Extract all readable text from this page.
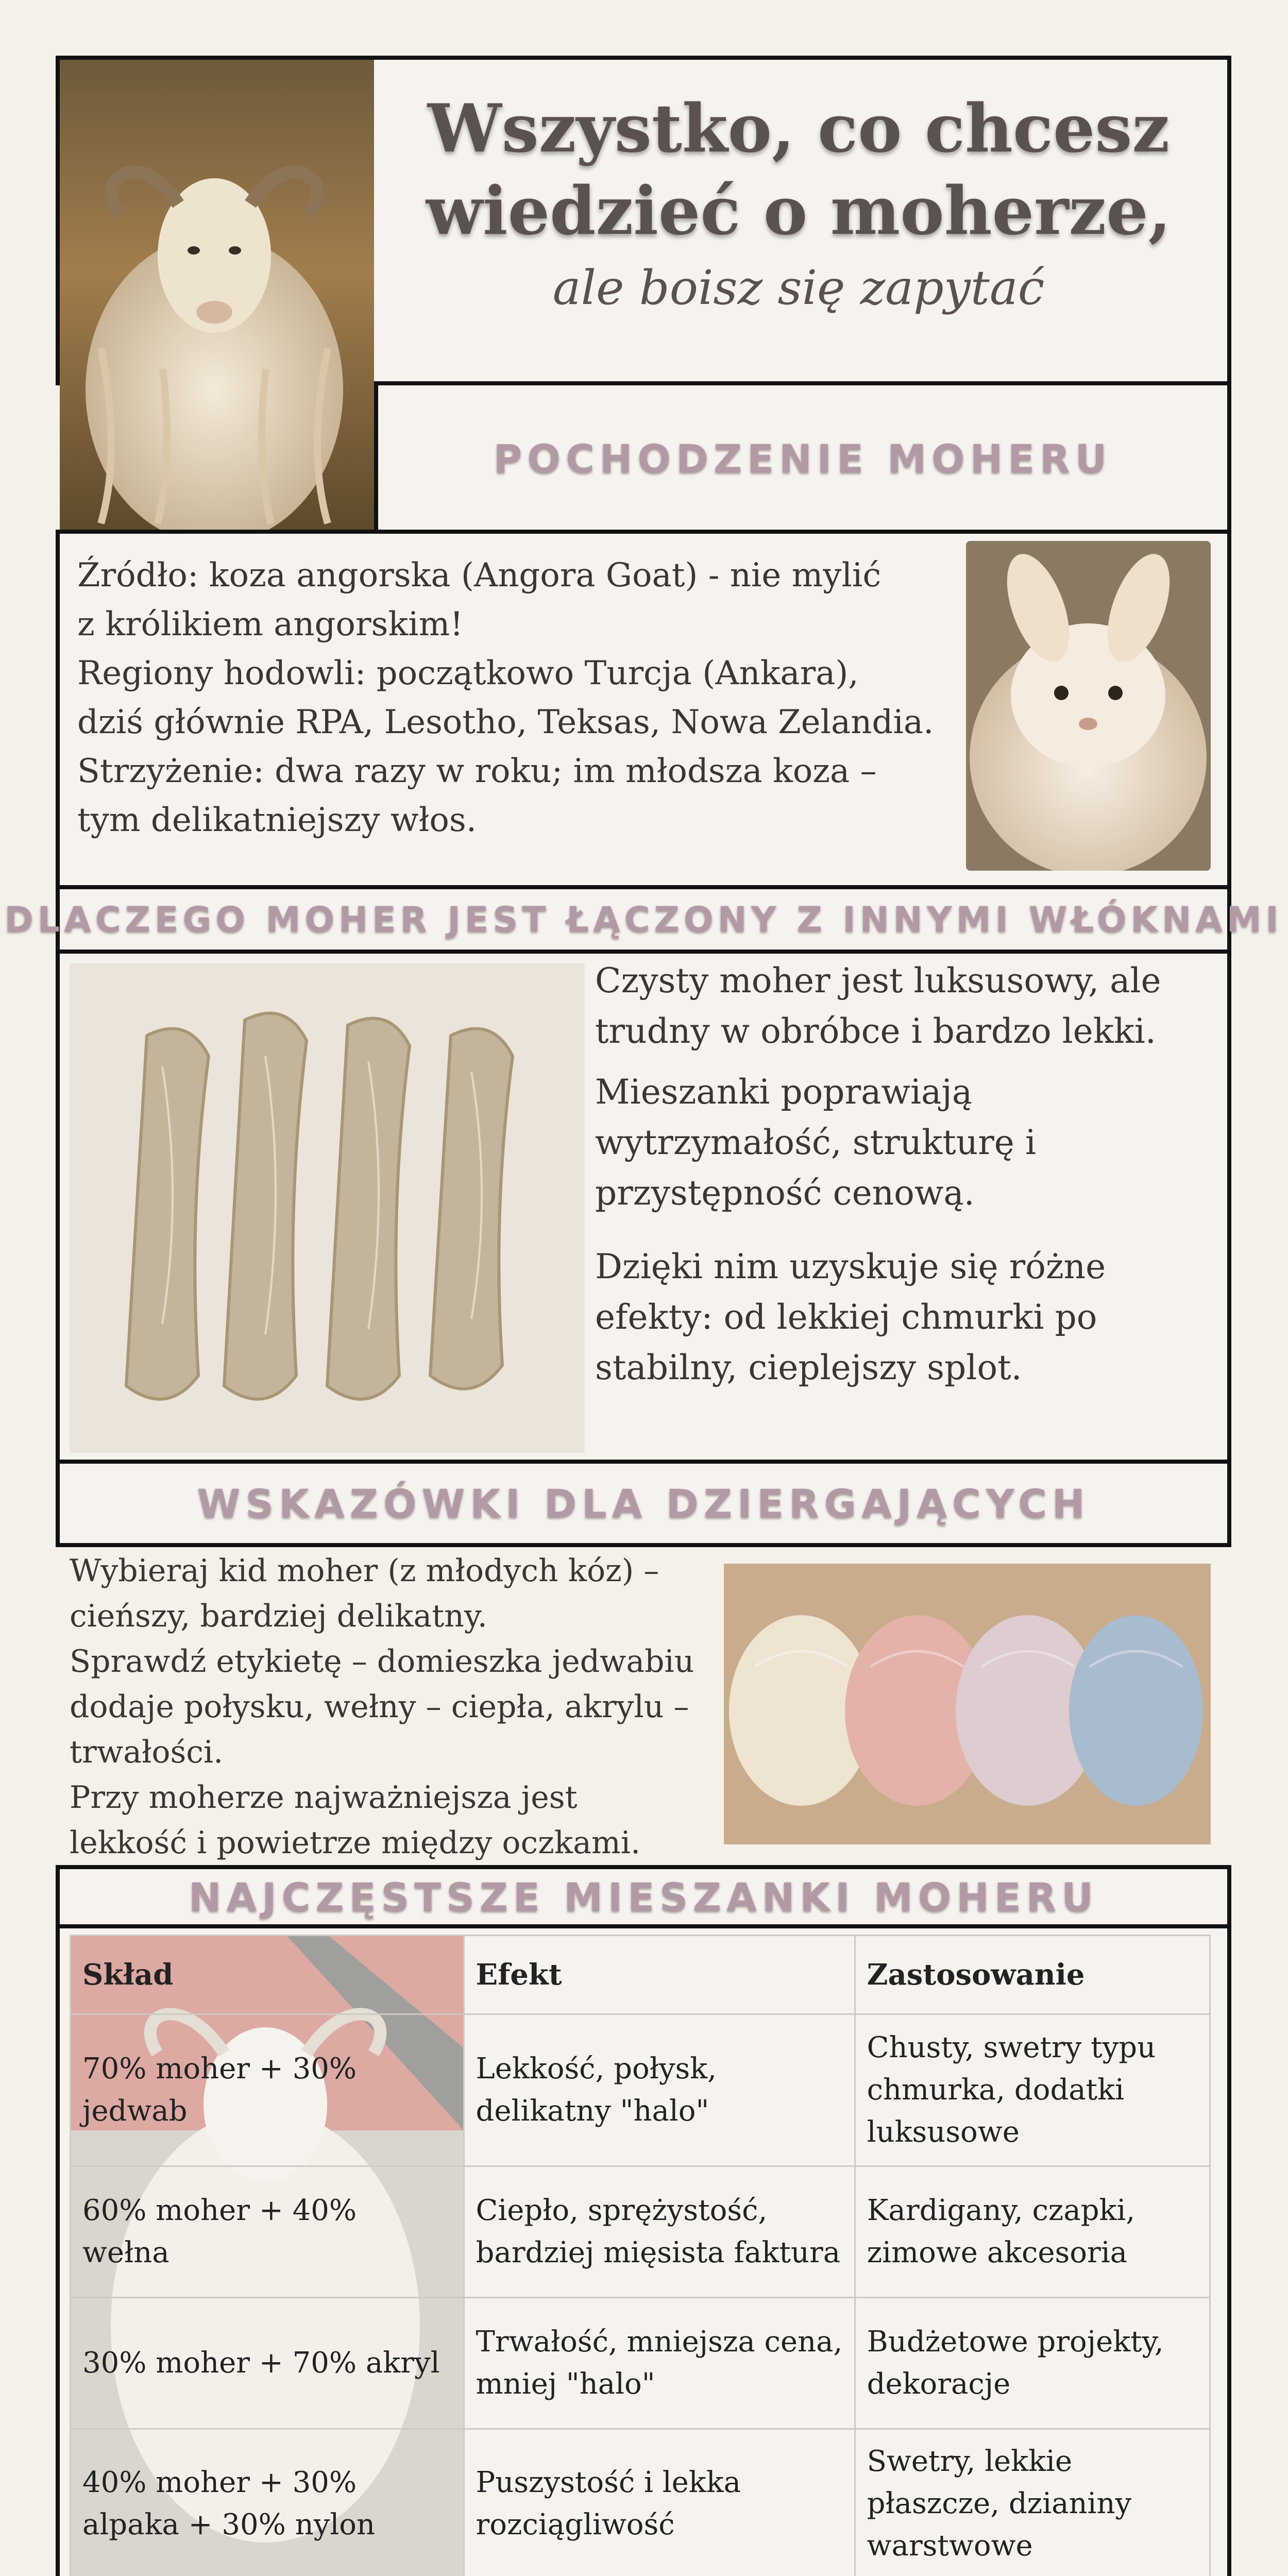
Wszystko, co chcesz
wiedzieć o moherze,
ale boisz się zapytać
POCHODZENIE MOHERU
Źródło: koza angorska (Angora Goat) - nie mylić
z królikiem angorskim!
Regiony hodowli: początkowo Turcja (Ankara),
dziś głównie RPA, Lesotho, Teksas, Nowa Zelandia.
Strzyżenie: dwa razy w roku; im młodsza koza –
tym delikatniejszy włos.
DLACZEGO MOHER JEST ŁĄCZONY Z INNYMI WŁÓKNAMI

Czysty moher jest luksusowy, ale trudny w obróbce i bardzo lekki.

Mieszanki poprawiają wytrzymałość, strukturę i przystępność cenową.

Dzięki nim uzyskuje się różne efekty: od lekkiej chmurki po stabilny, cieplejszy splot.

WSKAZÓWKI DLA DZIERGAJĄCYCH
Wybieraj kid moher (z młodych kóz) –
cieńszy, bardziej delikatny.
Sprawdź etykietę – domieszka jedwabiu
dodaje połysku, wełny – ciepła, akrylu –
trwałości.
Przy moherze najważniejsza jest
lekkość i powietrze między oczkami.
NAJCZĘSTSZE MIESZANKI MOHERU
Skład	Efekt	Zastosowanie
70% moher + 30% jedwab	Lekkość, połysk, delikatny "halo"	Chusty, swetry typu chmurka, dodatki luksusowe
60% moher + 40% wełna	Ciepło, sprężystość, bardziej mięsista faktura	Kardigany, czapki, zimowe akcesoria
30% moher + 70% akryl	Trwałość, mniejsza cena, mniej "halo"	Budżetowe projekty, dekoracje
40% moher + 30% alpaka + 30% nylon	Puszystość i lekka rozciągliwość	Swetry, lekkie płaszcze, dzianiny warstwowe
